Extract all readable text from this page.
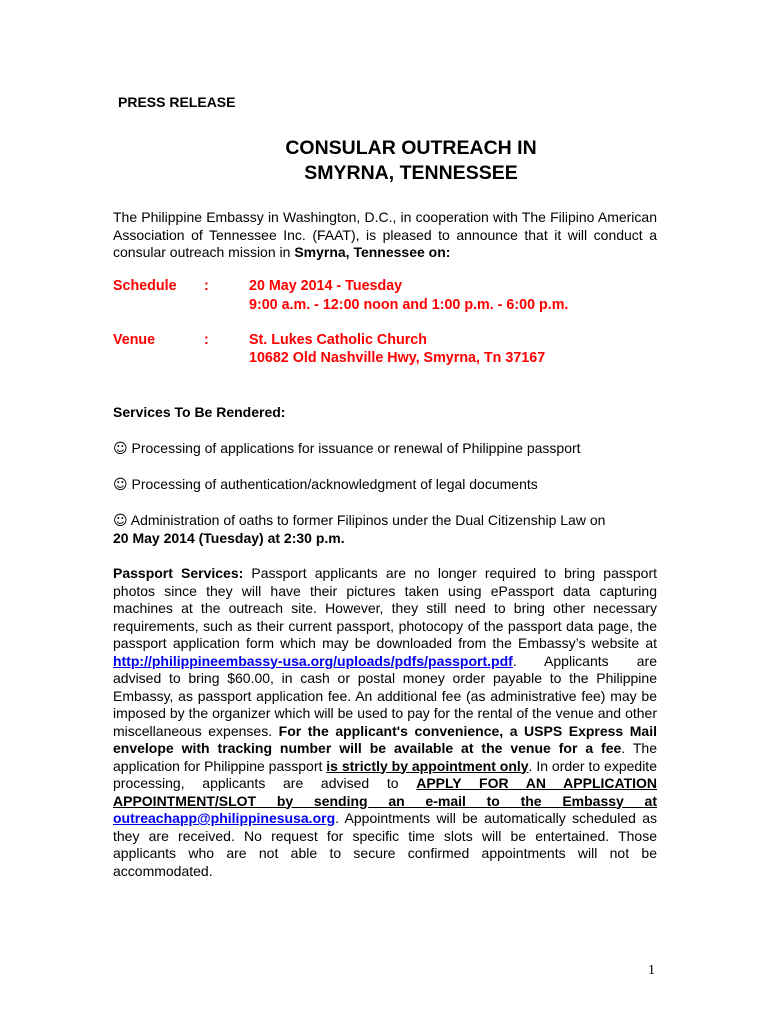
PRESS RELEASE
CONSULAR OUTREACH IN
SMYRNA, TENNESSEE
The Philippine Embassy in Washington, D.C., in cooperation with The Filipino American Association of Tennessee Inc. (FAAT), is pleased to announce that it will conduct a consular outreach mission in Smyrna, Tennessee on:
Schedule :	20 May 2014 - Tuesday
9:00 a.m. - 12:00 noon and 1:00 p.m. - 6:00 p.m.
Venue	:	St. Lukes Catholic Church
10682 Old Nashville Hwy, Smyrna, Tn 37167
Services To Be Rendered:
☺ Processing of applications for issuance or renewal of Philippine passport
☺ Processing of authentication/acknowledgment of legal documents
☺ Administration of oaths to former Filipinos under the Dual Citizenship Law on
20 May 2014 (Tuesday) at 2:30 p.m.
Passport Services: Passport applicants are no longer required to bring passport photos since they will have their pictures taken using ePassport data capturing machines at the outreach site. However, they still need to bring other necessary requirements, such as their current passport, photocopy of the passport data page, the passport application form which may be downloaded from the Embassy’s website at http://philippineembassy-usa.org/uploads/pdfs/passport.pdf. Applicants are advised to bring $60.00, in cash or postal money order payable to the Philippine Embassy, as passport application fee. An additional fee (as administrative fee) may be imposed by the organizer which will be used to pay for the rental of the venue and other miscellaneous expenses. For the applicant's convenience, a USPS Express Mail envelope with tracking number will be available at the venue for a fee. The application for Philippine passport is strictly by appointment only. In order to expedite processing, applicants are advised to APPLY FOR AN APPLICATION APPOINTMENT/SLOT by sending an e-mail to the Embassy at outreachapp@philippinesusa.org. Appointments will be automatically scheduled as they are received. No request for specific time slots will be entertained. Those applicants who are not able to secure confirmed appointments will not be accommodated.
1
